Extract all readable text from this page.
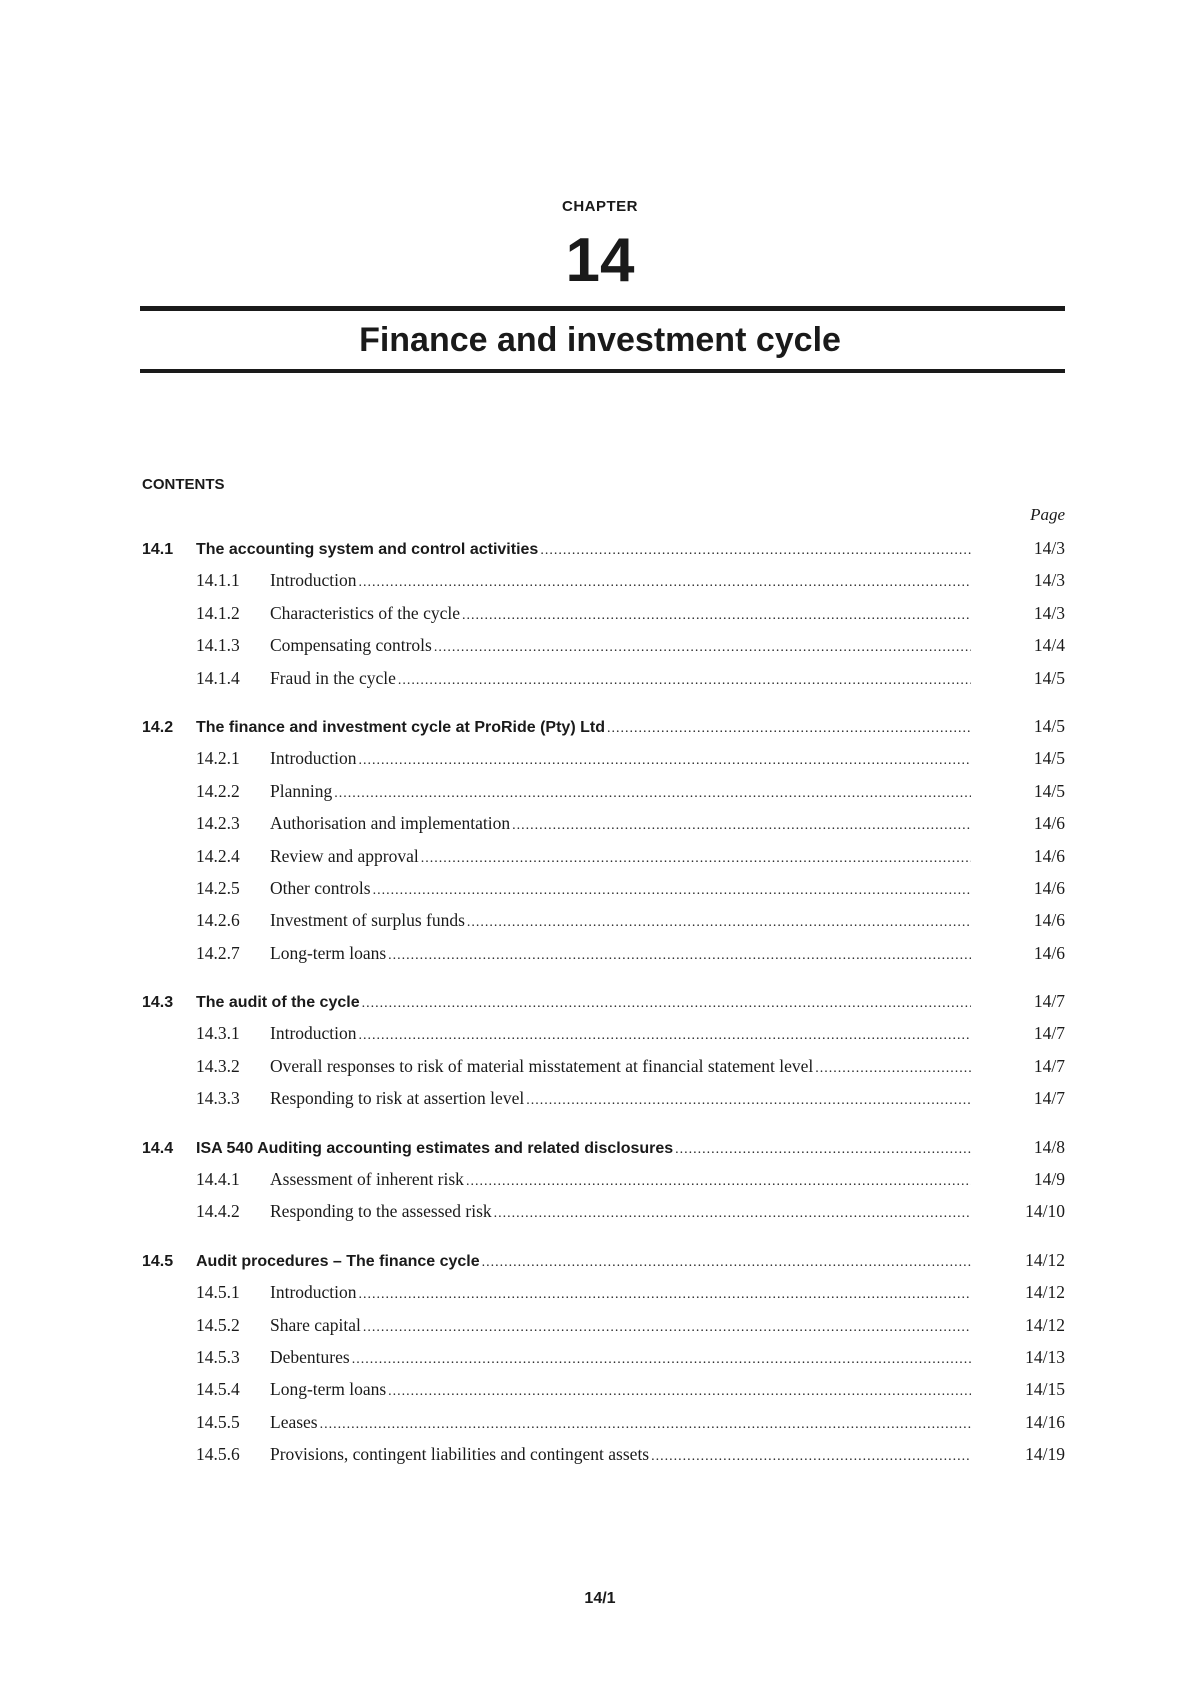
CHAPTER
14
Finance and investment cycle
CONTENTS
Page
14.1	The accounting system and control activities .....	14/3
14.1.1	Introduction .....	14/3
14.1.2	Characteristics of the cycle .....	14/3
14.1.3	Compensating controls .....	14/4
14.1.4	Fraud in the cycle .....	14/5
14.2	The finance and investment cycle at ProRide (Pty) Ltd .....	14/5
14.2.1	Introduction .....	14/5
14.2.2	Planning .....	14/5
14.2.3	Authorisation and implementation .....	14/6
14.2.4	Review and approval .....	14/6
14.2.5	Other controls .....	14/6
14.2.6	Investment of surplus funds .....	14/6
14.2.7	Long-term loans .....	14/6
14.3	The audit of the cycle .....	14/7
14.3.1	Introduction .....	14/7
14.3.2	Overall responses to risk of material misstatement at financial statement level .....	14/7
14.3.3	Responding to risk at assertion level .....	14/7
14.4	ISA 540 Auditing accounting estimates and related disclosures .....	14/8
14.4.1	Assessment of inherent risk .....	14/9
14.4.2	Responding to the assessed risk .....	14/10
14.5	Audit procedures – The finance cycle .....	14/12
14.5.1	Introduction .....	14/12
14.5.2	Share capital .....	14/12
14.5.3	Debentures .....	14/13
14.5.4	Long-term loans .....	14/15
14.5.5	Leases .....	14/16
14.5.6	Provisions, contingent liabilities and contingent assets .....	14/19
14/1
